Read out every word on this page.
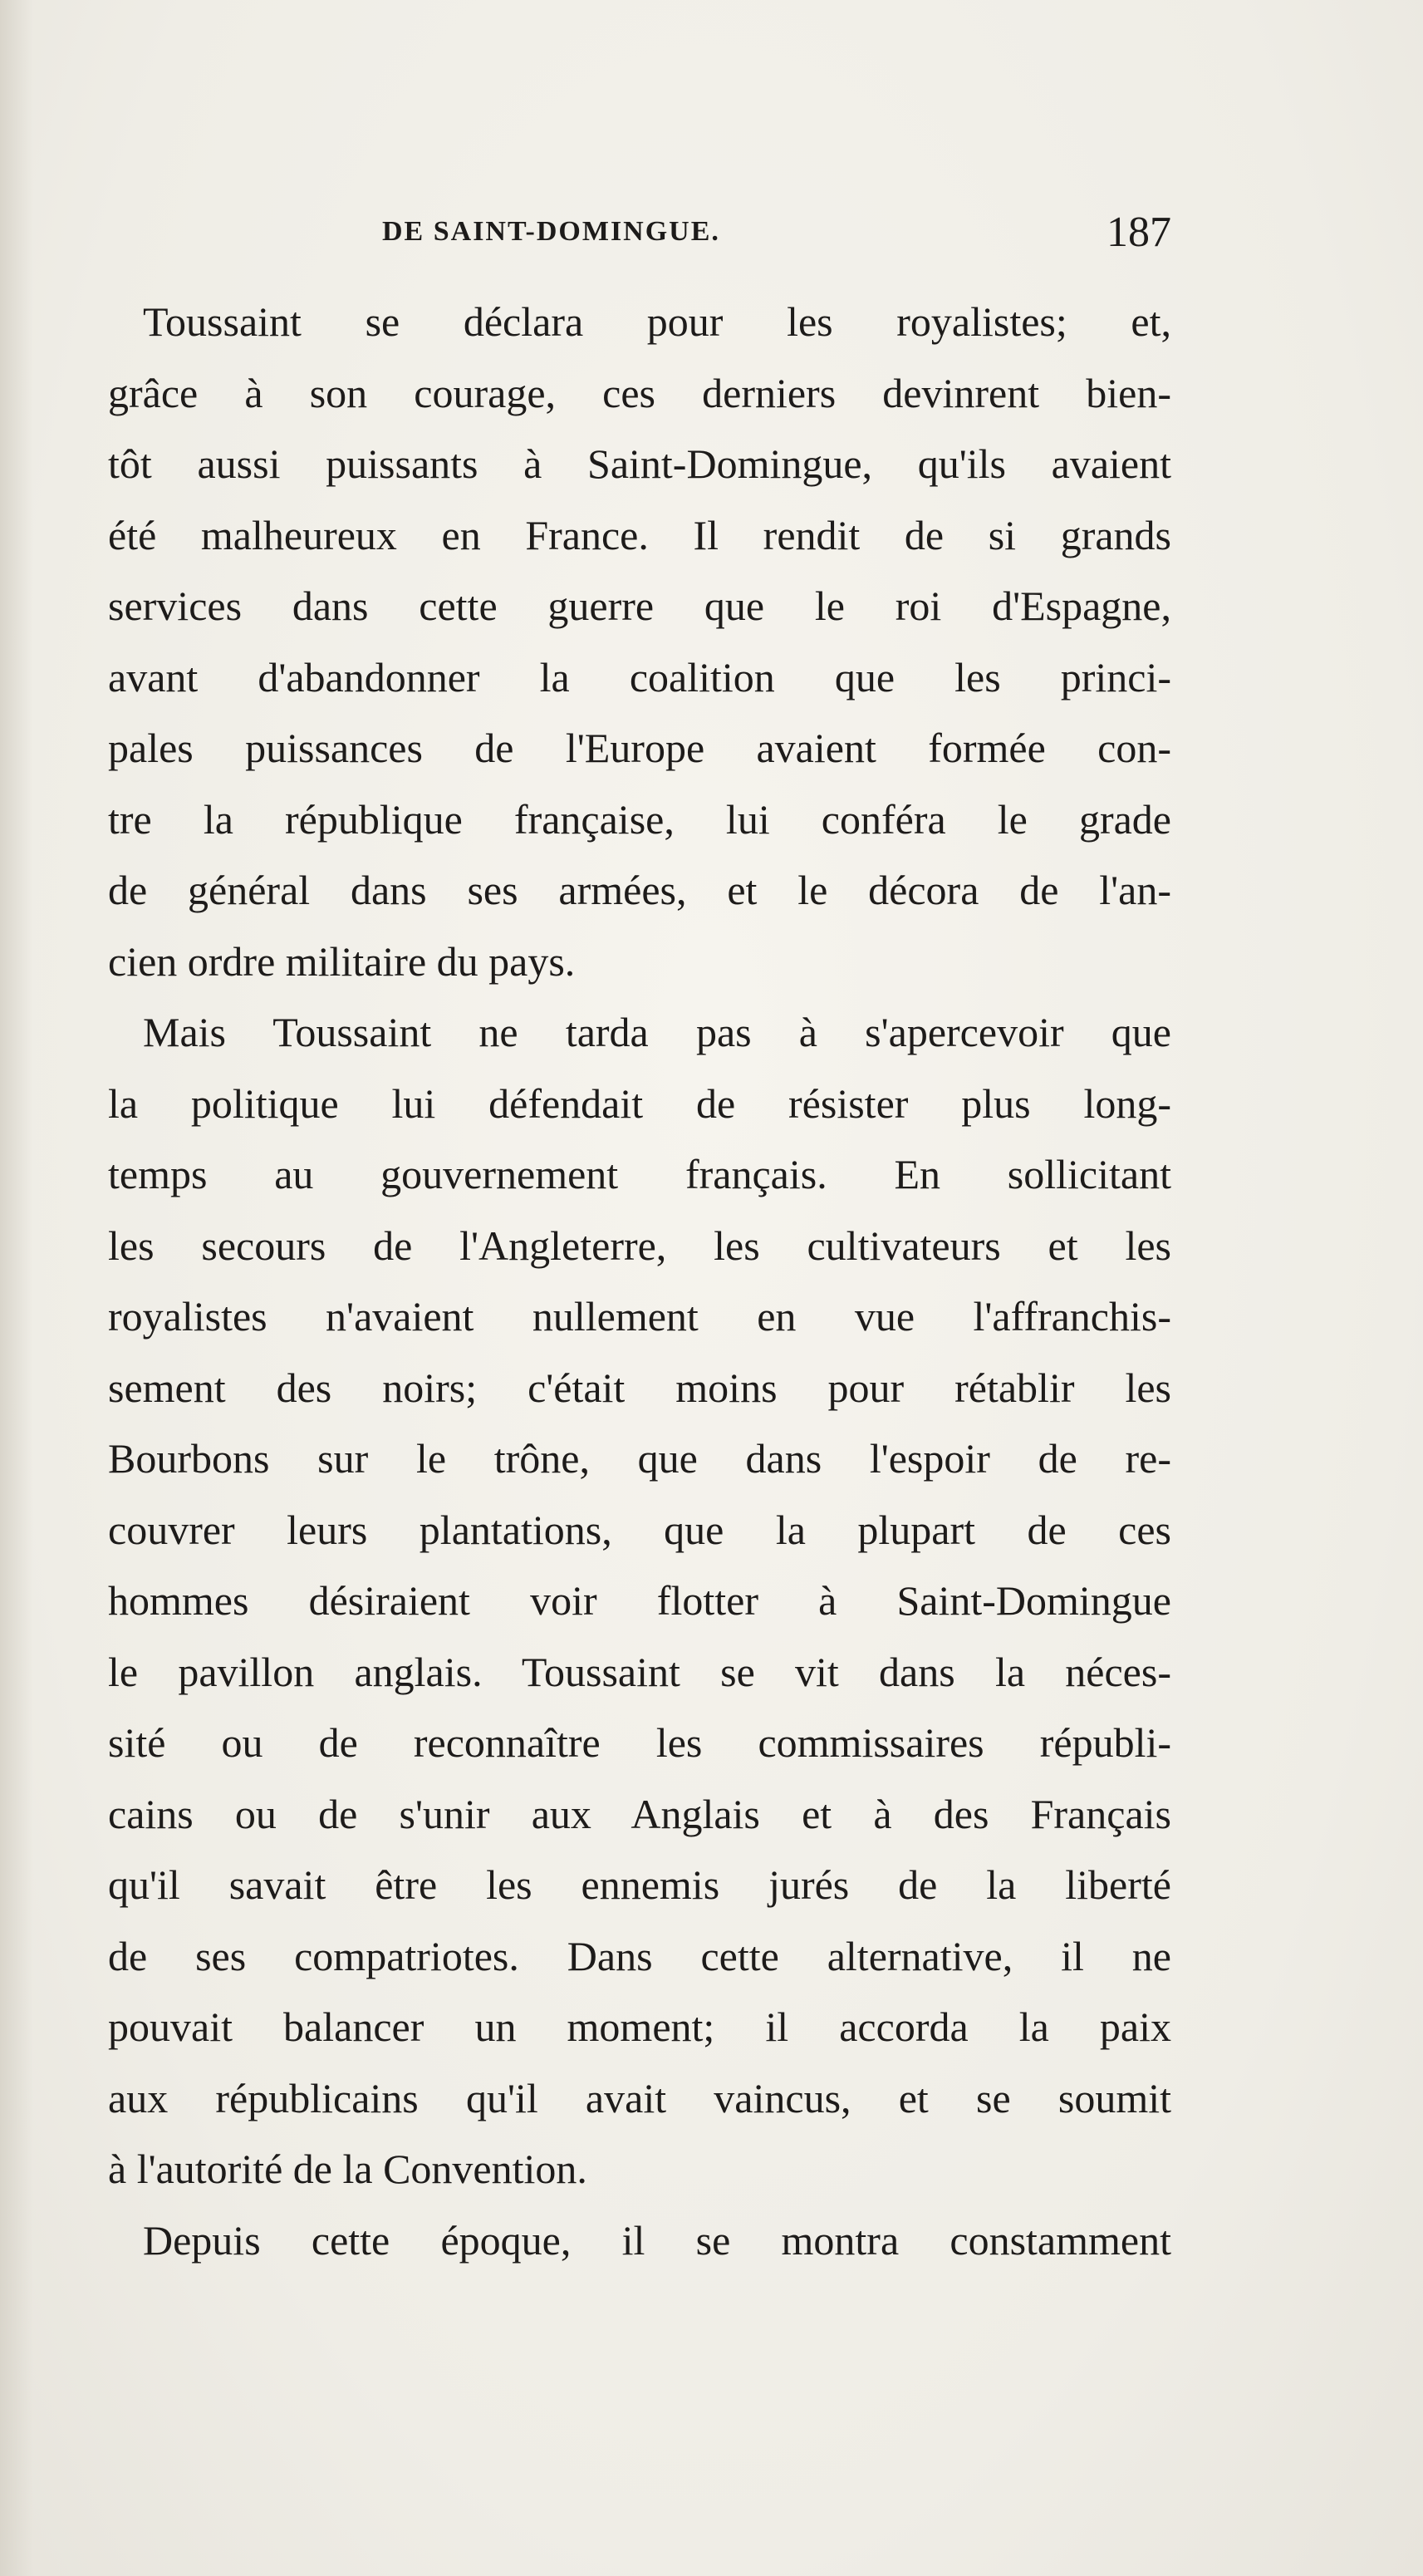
DE SAINT-DOMINGUE.	187
Toussaint se déclara pour les royalistes; et,
grâce à son courage, ces derniers devinrent bien-
tôt aussi puissants à Saint-Domingue, qu'ils avaient
été malheureux en France. Il rendit de si grands
services dans cette guerre que le roi d'Espagne,
avant d'abandonner la coalition que les princi-
pales puissances de l'Europe avaient formée con-
tre la république française, lui conféra le grade
de général dans ses armées, et le décora de l'an-
cien ordre militaire du pays.
Mais Toussaint ne tarda pas à s'apercevoir que
la politique lui défendait de résister plus long-
temps au gouvernement français. En sollicitant
les secours de l'Angleterre, les cultivateurs et les
royalistes n'avaient nullement en vue l'affranchis-
sement des noirs; c'était moins pour rétablir les
Bourbons sur le trône, que dans l'espoir de re-
couvrer leurs plantations, que la plupart de ces
hommes désiraient voir flotter à Saint-Domingue
le pavillon anglais. Toussaint se vit dans la néces-
sité ou de reconnaître les commissaires républi-
cains ou de s'unir aux Anglais et à des Français
qu'il savait être les ennemis jurés de la liberté
de ses compatriotes. Dans cette alternative, il ne
pouvait balancer un moment; il accorda la paix
aux républicains qu'il avait vaincus, et se soumit
à l'autorité de la Convention.
Depuis cette époque, il se montra constamment
